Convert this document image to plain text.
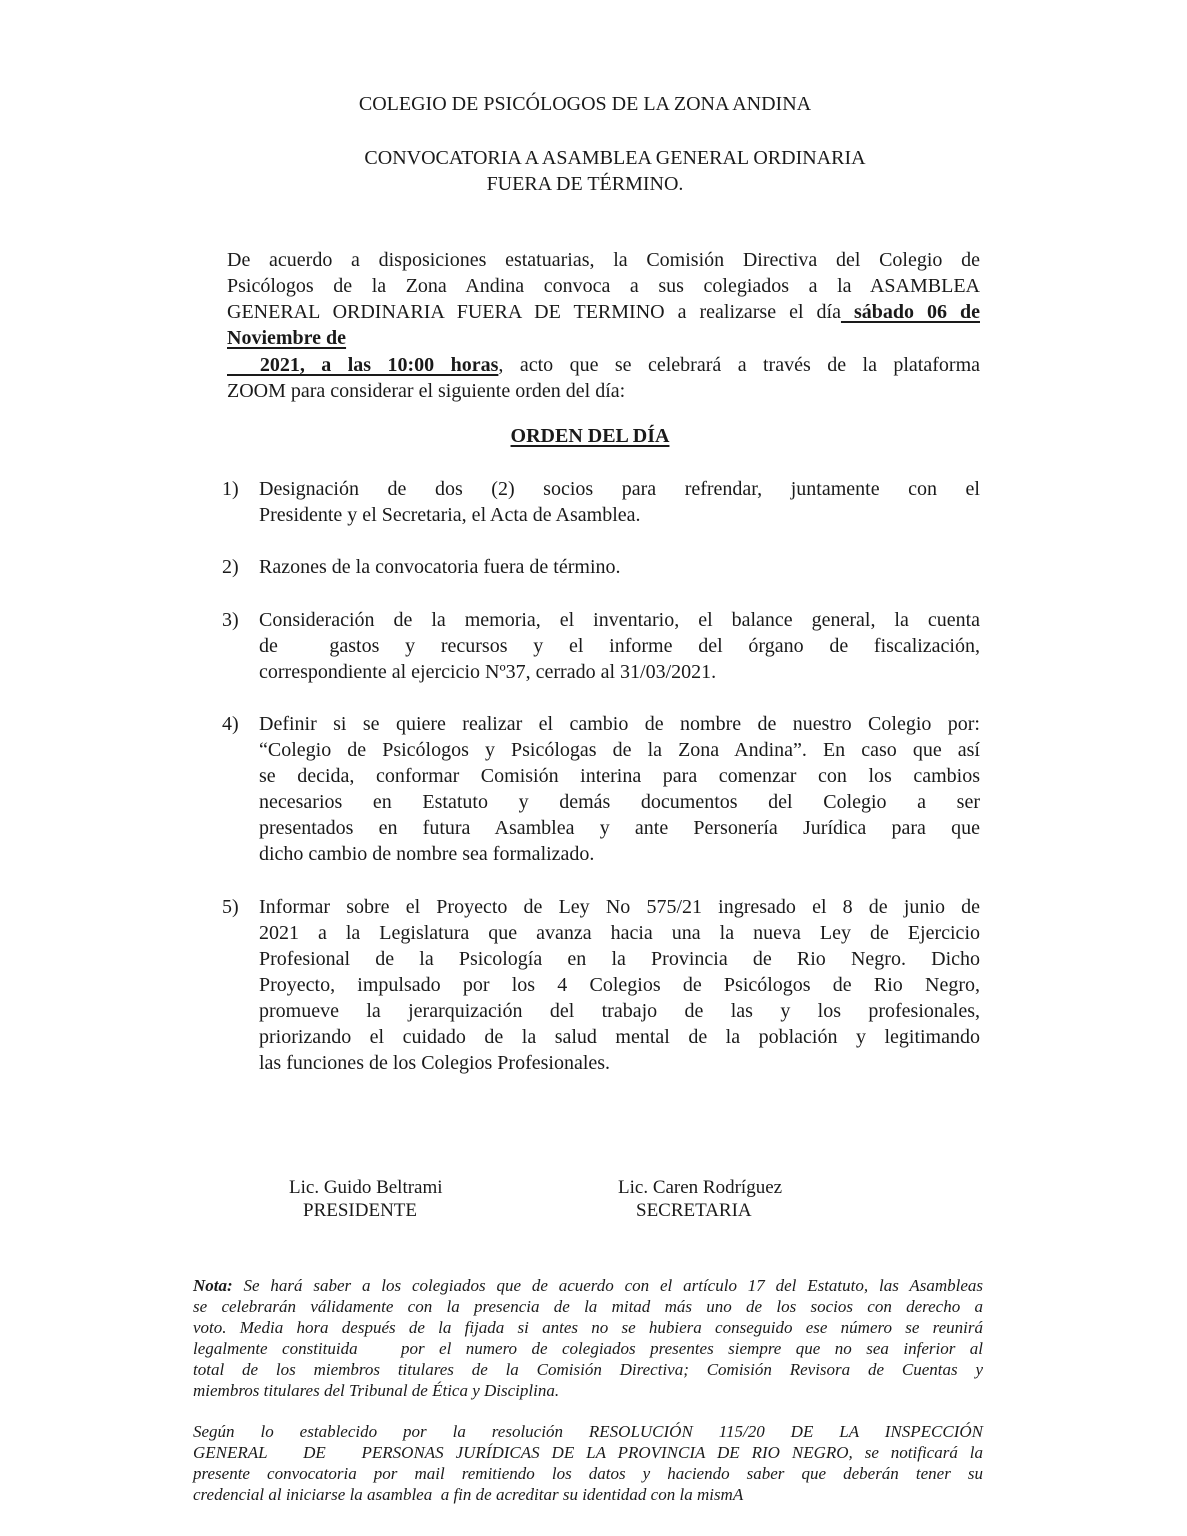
COLEGIO DE PSICÓLOGOS DE LA ZONA ANDINA
CONVOCATORIA A ASAMBLEA GENERAL ORDINARIA
FUERA DE TÉRMINO.
De acuerdo a disposiciones estatuarias, la Comisión Directiva del Colegio de
Psicólogos de la Zona Andina convoca a sus colegiados a la ASAMBLEA
GENERAL ORDINARIA FUERA DE TERMINO a realizarse el día sábado 06 de
Noviembre de
2021, a las 10:00 horas, acto que se celebrará a través de la plataforma
ZOOM para considerar el siguiente orden del día:
ORDEN DEL DÍA
1) Designación de dos (2) socios para refrendar, juntamente con el
Presidente y el Secretaria, el Acta de Asamblea.
2) Razones de la convocatoria fuera de término.
3) Consideración de la memoria, el inventario, el balance general, la cuenta
de  gastos y recursos y el informe del órgano de fiscalización,
correspondiente al ejercicio Nº37, cerrado al 31/03/2021.
4) Definir si se quiere realizar el cambio de nombre de nuestro Colegio por:
“Colegio de Psicólogos y Psicólogas de la Zona Andina”. En caso que así
se decida, conformar Comisión interina para comenzar con los cambios
necesarios en Estatuto y demás documentos del Colegio a ser
presentados en futura Asamblea y ante Personería Jurídica para que
dicho cambio de nombre sea formalizado.
5) Informar sobre el Proyecto de Ley No 575/21 ingresado el 8 de junio de
2021 a la Legislatura que avanza hacia una la nueva Ley de Ejercicio
Profesional de la Psicología en la Provincia de Rio Negro. Dicho
Proyecto, impulsado por los 4 Colegios de Psicólogos de Rio Negro,
promueve la jerarquización del trabajo de las y los profesionales,
priorizando el cuidado de la salud mental de la población y legitimando
las funciones de los Colegios Profesionales.
Lic. Guido Beltrami
PRESIDENTE
Lic. Caren Rodríguez
SECRETARIA
Nota: Se hará saber a los colegiados que de acuerdo con el artículo 17 del Estatuto, las Asambleas
se celebrarán válidamente con la presencia de la mitad más uno de los socios con derecho a
voto. Media hora después de la fijada si antes no se hubiera conseguido ese número se reunirá
legalmente constituida   por el numero de colegiados presentes siempre que no sea inferior al
total de los miembros titulares de la Comisión Directiva; Comisión Revisora de Cuentas y
miembros titulares del Tribunal de Ética y Disciplina.
Según lo establecido por la resolución RESOLUCIÓN 115/20 DE LA INSPECCIÓN
GENERAL   DE   PERSONAS JURÍDICAS DE LA PROVINCIA DE RIO NEGRO, se notificará la
presente convocatoria por mail remitiendo los datos y haciendo saber que deberán tener su
credencial al iniciarse la asamblea  a fin de acreditar su identidad con la mismA
